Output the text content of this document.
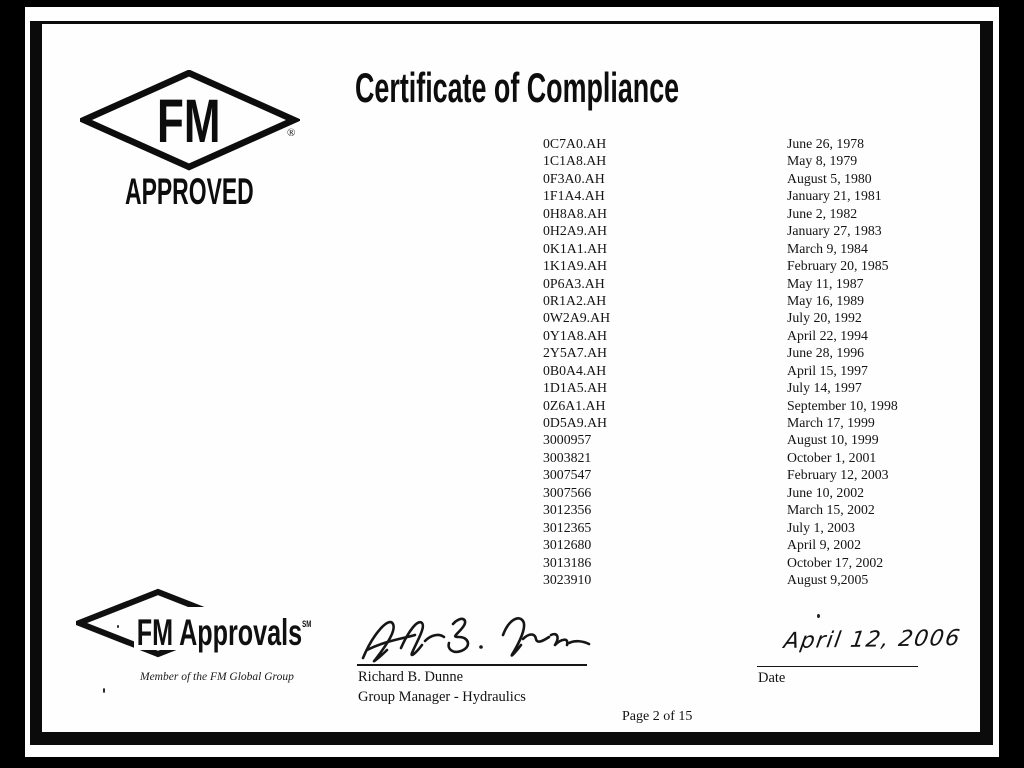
FM	®
APPROVED
Certificate of Compliance
0C7A0.AH	June 26, 1978
1C1A8.AH	May 8, 1979
0F3A0.AH	August 5, 1980
1F1A4.AH	January 21, 1981
0H8A8.AH	June 2, 1982
0H2A9.AH	January 27, 1983
0K1A1.AH	March 9, 1984
1K1A9.AH	February 20, 1985
0P6A3.AH	May 11, 1987
0R1A2.AH	May 16, 1989
0W2A9.AH	July 20, 1992
0Y1A8.AH	April 22, 1994
2Y5A7.AH	June 28, 1996
0B0A4.AH	April 15, 1997
1D1A5.AH	July 14, 1997
0Z6A1.AH	September 10, 1998
0D5A9.AH	March 17, 1999
3000957	August 10, 1999
3003821	October 1, 2001
3007547	February 12, 2003
3007566	June 10, 2002
3012356	March 15, 2002
3012365	July 1, 2003
3012680	April 9, 2002
3013186	October 17, 2002
3023910	August 9,2005
FM Approvals℠
Member of the FM Global Group	Richard B. Dunne
Group Manager - Hydraulics
April 12, 2006
Date
Page 2 of 15
